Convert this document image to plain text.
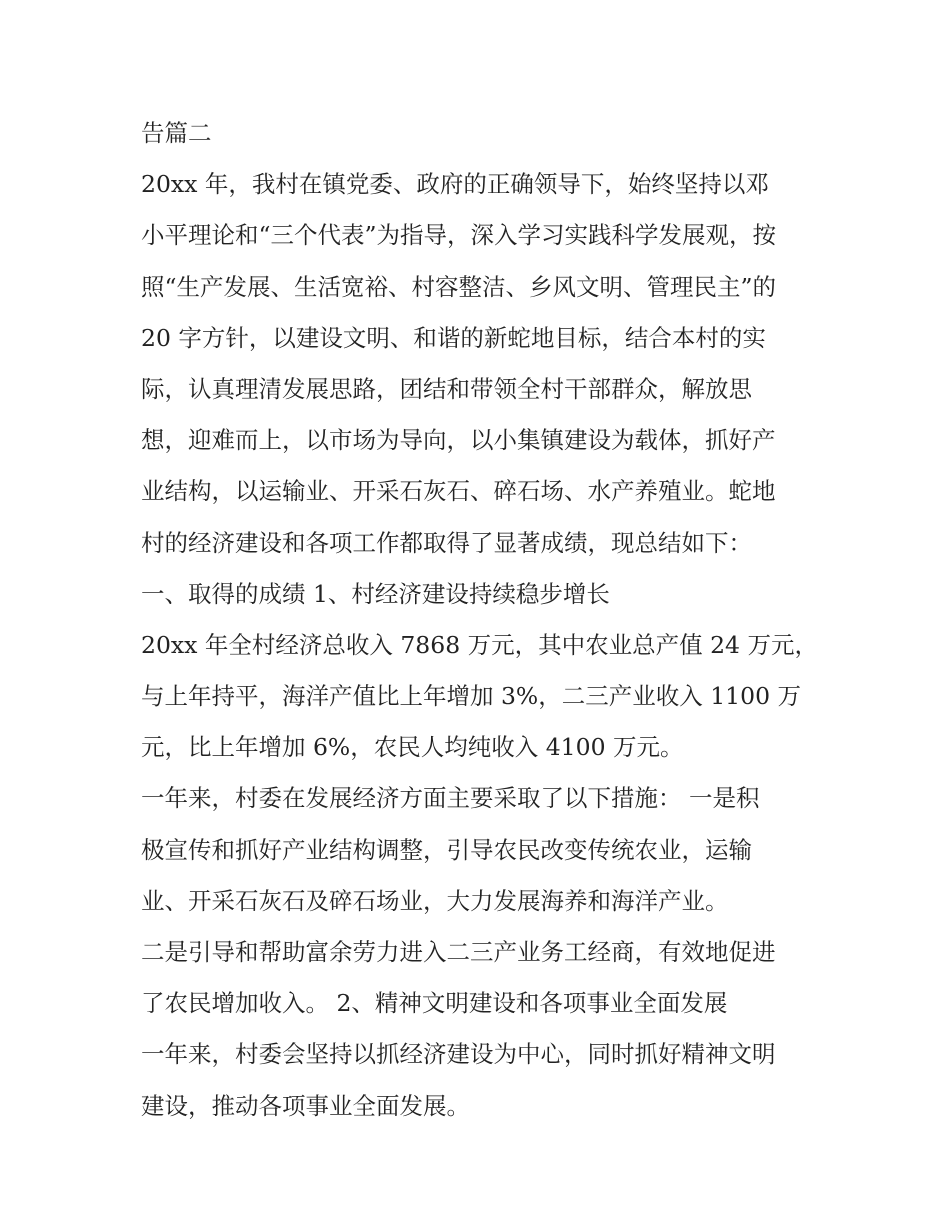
告篇二
20xx 年，我村在镇党委、政府的正确领导下，始终坚持以邓
小平理论和“三个代表”为指导，深入学习实践科学发展观，按
照“生产发展、生活宽裕、村容整洁、乡风文明、管理民主”的
20 字方针，以建设文明、和谐的新蛇地目标，结合本村的实
际，认真理清发展思路，团结和带领全村干部群众，解放思
想，迎难而上，以市场为导向，以小集镇建设为载体，抓好产
业结构，以运输业、开采石灰石、碎石场、水产养殖业。蛇地
村的经济建设和各项工作都取得了显著成绩，现总结如下：
一、取得的成绩 1、村经济建设持续稳步增长
20xx 年全村经济总收入 7868 万元，其中农业总产值 24 万元，
与上年持平，海洋产值比上年增加 3%，二三产业收入 1100 万
元，比上年增加 6%，农民人均纯收入 4100 万元。
一年来，村委在发展经济方面主要采取了以下措施： 一是积
极宣传和抓好产业结构调整，引导农民改变传统农业，运输
业、开采石灰石及碎石场业，大力发展海养和海洋产业。
二是引导和帮助富余劳力进入二三产业务工经商，有效地促进
了农民增加收入。 2、精神文明建设和各项事业全面发展
一年来，村委会坚持以抓经济建设为中心，同时抓好精神文明
建设，推动各项事业全面发展。
